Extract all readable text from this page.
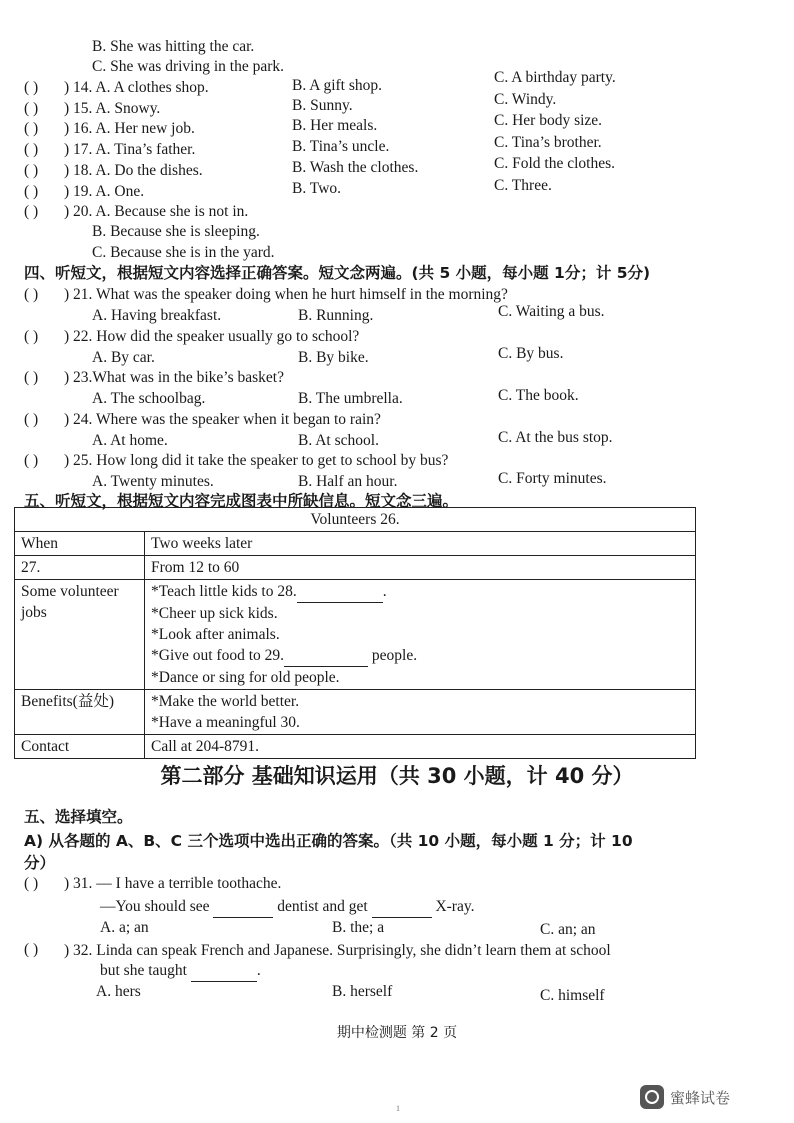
B. She was hitting the car.
C. She was driving in the park.
( ) ) 14. A. A clothes shop.	B. A gift shop.	C. A birthday party.
( ) ) 15. A. Snowy.	B. Sunny.	C. Windy.
( ) ) 16. A. Her new job.	B. Her meals.	C. Her body size.
( ) ) 17. A. Tina’s father.	B. Tina’s uncle.	C. Tina’s brother.
( ) ) 18. A. Do the dishes.	B. Wash the clothes.	C. Fold the clothes.
( ) ) 19. A. One.	B. Two.	C. Three.
( ) ) 20. A. Because she is not in.
B. Because she is sleeping.
C. Because she is in the yard.
四、听短文，根据短文内容选择正确答案。短文念两遍。(共 5 小题，每小题 1分；计 5分)
( ) ) 21. What was the speaker doing when he hurt himself in the morning?
A. Having breakfast.	B. Running.	C. Waiting a bus.
( ) ) 22. How did the speaker usually go to school?
A. By car.	B. By bike.	C. By bus.
( ) ) 23.What was in the bike’s basket?
A. The schoolbag.	B. The umbrella.	C. The book.
( ) ) 24. Where was the speaker when it began to rain?
A. At home.	B. At school.	C. At the bus stop.
( ) ) 25. How long did it take the speaker to get to school by bus?
A. Twenty minutes.	B. Half an hour.	C. Forty minutes.
五、听短文，根据短文内容完成图表中所缺信息。短文念三遍。
Volunteers 26.	
When	Two weeks later
27.	From 12 to 60
Some volunteer jobs	*Teach little kids to 28. .
*Cheer up sick kids.
*Look after animals.
*Give out food to 29. people.
*Dance or sing for old people.

Benefits(益处)	*Make the world better.
*Have a meaningful 30.

Contact	Call at 204-8791.
第二部分 基础知识运用（共 30 小题，计 40 分）
五、选择填空。
A) 从各题的 A、B、C 三个选项中选出正确的答案。（共 10 小题，每小题 1 分；计 10
分）
( ) ) 31. — I have a terrible toothache.
—You should see	dentist and get	X-ray.
A. a; an	B. the; a	C. an; an
( ) ) 32. Linda can speak French and Japanese. Surprisingly, she didn’t learn them at school
but she taught	.
A. hers	B. herself	C. himself
期中检测题 第 2 页
1
蜜蜂试卷
